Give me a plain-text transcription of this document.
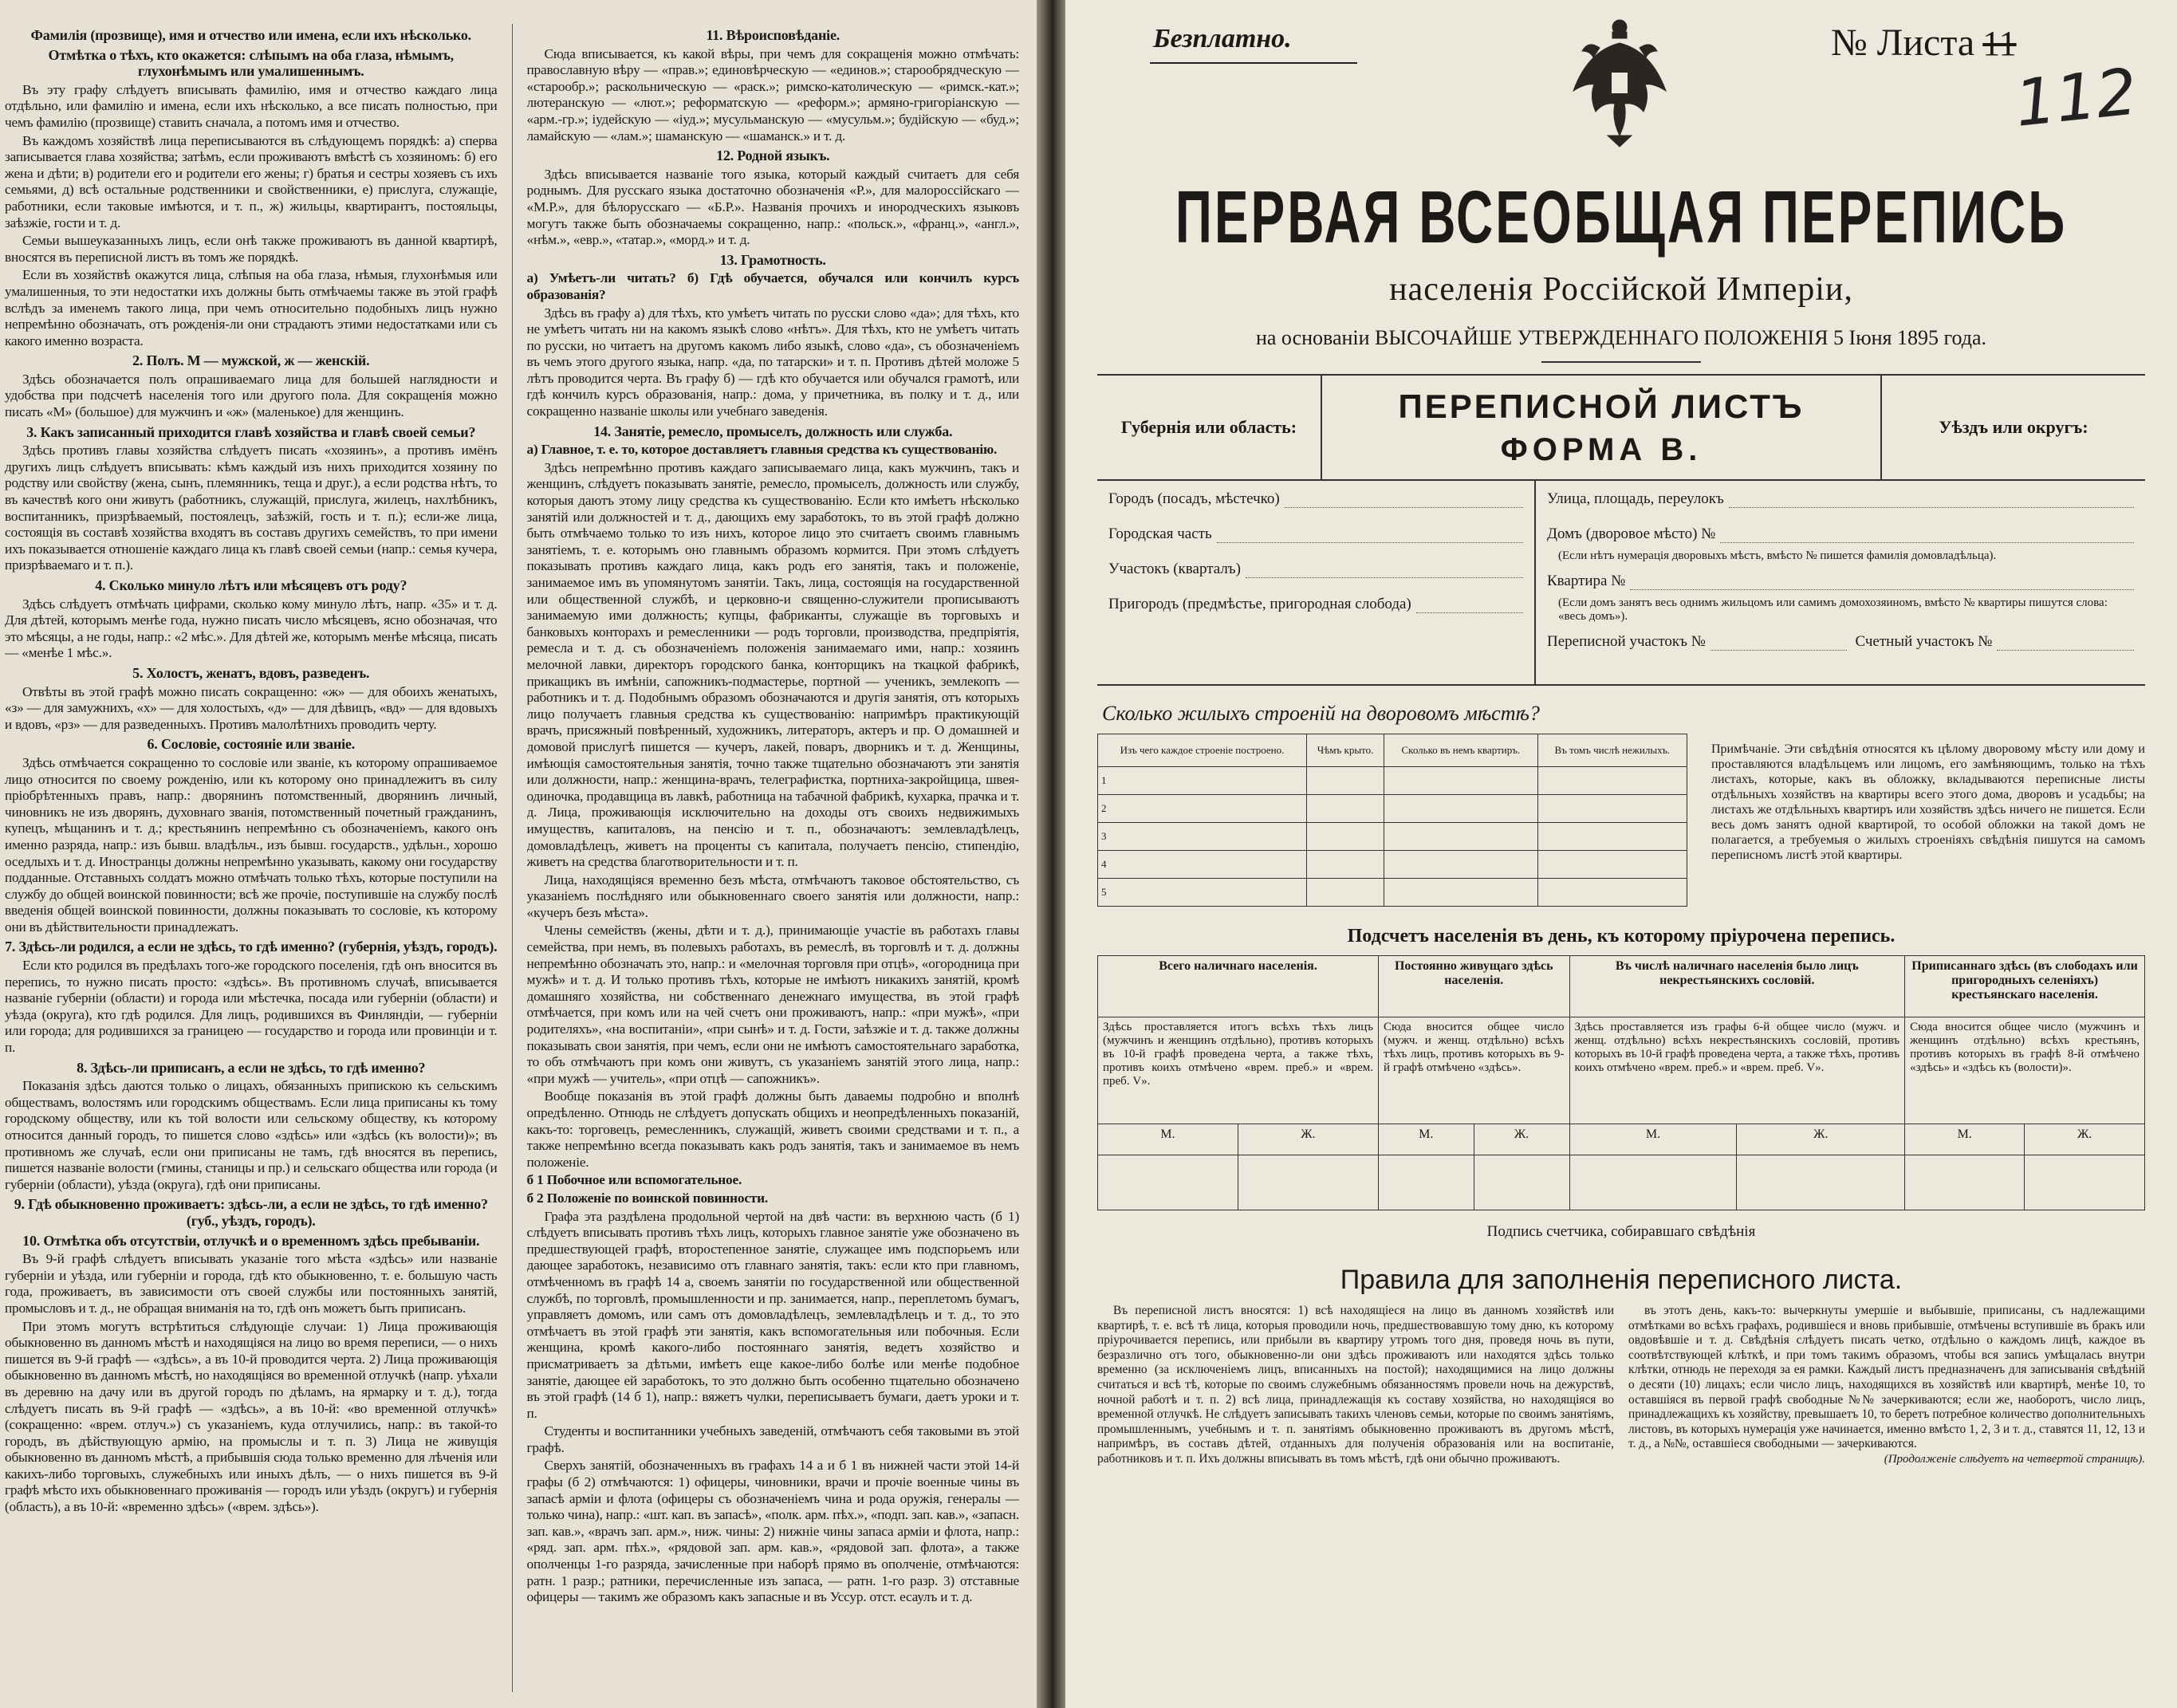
Фамилія (прозвище), имя и отчество или имена, если ихъ нѣсколько.

Отмѣтка о тѣхъ, кто окажется: слѣпымъ на оба глаза, нѣмымъ, глухонѣмымъ или умалишеннымъ.

Въ эту графу слѣдуетъ вписывать фамилію, имя и отчество каждаго лица отдѣльно, или фамилію и имена, если ихъ нѣсколько, а все писать полностью, при чемъ фамилію (прозвище) ставить сначала, а потомъ имя и отчество.

Въ каждомъ хозяйствѣ лица переписываются въ слѣдующемъ порядкѣ: а) сперва записывается глава хозяйства; затѣмъ, если проживаютъ вмѣстѣ съ хозяиномъ: б) его жена и дѣти; в) родители его и родители его жены; г) братья и сестры хозяевъ съ ихъ семьями, д) всѣ остальные родственники и свойственники, е) прислуга, служащіе, работники, если таковые имѣются, и т. п., ж) жильцы, квартирантъ, постояльцы, заѣзжіе, гости и т. д.

Семьи вышеуказанныхъ лицъ, если онѣ также проживаютъ въ данной квартирѣ, вносятся въ переписной листъ въ томъ же порядкѣ.

Если въ хозяйствѣ окажутся лица, слѣпыя на оба глаза, нѣмыя, глухонѣмыя или умалишенныя, то эти недостатки ихъ должны быть отмѣчаемы также въ этой графѣ вслѣдъ за именемъ такого лица, при чемъ относительно подобныхъ лицъ нужно непремѣнно обозначать, отъ рожденія-ли они страдаютъ этими недостатками или съ какого именно возраста.

2. Полъ. М — мужской, ж — женскій.

Здѣсь обозначается полъ опрашиваемаго лица для большей наглядности и удобства при подсчетѣ населенія того или другого пола. Для сокращенія можно писать «М» (большое) для мужчинъ и «ж» (маленькое) для женщинъ.

3. Какъ записанный приходится главѣ хозяйства и главѣ своей семьи?

Здѣсь противъ главы хозяйства слѣдуетъ писать «хозяинъ», а противъ имёнъ другихъ лицъ слѣдуетъ вписывать: кѣмъ каждый изъ нихъ приходится хозяину по родству или свойству (жена, сынъ, племянникъ, теща и друг.), а если родства нѣтъ, то въ качествѣ кого они живутъ (работникъ, служащій, прислуга, жилецъ, нахлѣбникъ, воспитанникъ, призрѣваемый, постоялецъ, заѣзжій, гость и т. п.); если-же лица, состоящія въ составѣ хозяйства входятъ въ составъ другихъ семействъ, то при имени ихъ показывается отношеніе каждаго лица къ главѣ своей семьи (напр.: семья кучера, призрѣваемаго и т. п.).

4. Сколько минуло лѣтъ или мѣсяцевъ отъ роду?

Здѣсь слѣдуетъ отмѣчать цифрами, сколько кому минуло лѣтъ, напр. «35» и т. д. Для дѣтей, которымъ менѣе года, нужно писать число мѣсяцевъ, ясно обозначая, что это мѣсяцы, а не годы, напр.: «2 мѣс.». Для дѣтей же, которымъ менѣе мѣсяца, писать — «менѣе 1 мѣс.».

5. Холостъ, женатъ, вдовъ, разведенъ.

Отвѣты въ этой графѣ можно писать сокращенно: «ж» — для обоихъ женатыхъ, «з» — для замужнихъ, «х» — для холостыхъ, «д» — для дѣвицъ, «вд» — для вдовыхъ и вдовъ, «рз» — для разведенныхъ. Противъ малолѣтнихъ проводить черту.

6. Сословіе, состояніе или званіе.

Здѣсь отмѣчается сокращенно то сословіе или званіе, къ которому опрашиваемое лицо относится по своему рожденію, или къ которому оно принадлежитъ въ силу пріобрѣтенныхъ правъ, напр.: дворянинъ потомственный, дворянинъ личный, чиновникъ не изъ дворянъ, духовнаго званія, потомственный почетный гражданинъ, купецъ, мѣщанинъ и т. д.; крестьянинъ непремѣнно съ обозначеніемъ, какого онъ именно разряда, напр.: изъ бывш. владѣльч., изъ бывш. государств., удѣльн., хорошо оседлыхъ и т. д. Иностранцы должны непремѣнно указывать, какому они государству подданные. Отставныхъ солдатъ можно отмѣчать только тѣхъ, которые поступили на службу до общей воинской повинности; всѣ же прочіе, поступившіе на службу послѣ введенія общей воинской повинности, должны показывать то сословіе, къ которому они въ дѣйствительности принадлежатъ.

7. Здѣсь-ли родился, а если не здѣсь, то гдѣ именно? (губернія, уѣздъ, городъ).

Если кто родился въ предѣлахъ того-же городского поселенія, гдѣ онъ вносится въ перепись, то нужно писать просто: «здѣсь». Въ противномъ случаѣ, вписывается названіе губерніи (области) и города или мѣстечка, посада или губерніи (области) и уѣзда (округа), кто гдѣ родился. Для лицъ, родившихся въ Финляндіи, — губерніи или города; для родившихся за границею — государство и города или провинціи и т. п.

8. Здѣсь-ли приписанъ, а если не здѣсь, то гдѣ именно?

Показанія здѣсь даются только о лицахъ, обязанныхъ припискою къ сельскимъ обществамъ, волостямъ или городскимъ обществамъ. Если лица приписаны къ тому городскому обществу, или къ той волости или сельскому обществу, къ которому относится данный городъ, то пишется слово «здѣсь» или «здѣсь (къ волости)»; въ противномъ же случаѣ, если они приписаны не тамъ, гдѣ вносятся въ перепись, пишется названіе волости (гмины, станицы и пр.) и сельскаго общества или города (и губерніи (области), уѣзда (округа), гдѣ они приписаны.

9. Гдѣ обыкновенно проживаетъ: здѣсь-ли, а если не здѣсь, то гдѣ именно? (губ., уѣздъ, городъ).

10. Отмѣтка объ отсутствіи, отлучкѣ и о временномъ здѣсь пребываніи.

Въ 9-й графѣ слѣдуетъ вписывать указаніе того мѣста «здѣсь» или названіе губерніи и уѣзда, или губерніи и города, гдѣ кто обыкновенно, т. е. большую часть года, проживаетъ, въ зависимости отъ своей службы или постоянныхъ занятій, промысловъ и т. д., не обращая вниманія на то, гдѣ онъ можетъ быть приписанъ.

При этомъ могутъ встрѣтиться слѣдующіе случаи: 1) Лица проживающія обыкновенно въ данномъ мѣстѣ и находящіяся на лицо во время переписи, — о нихъ пишется въ 9-й графѣ — «здѣсь», а въ 10-й проводится черта. 2) Лица проживающія обыкновенно въ данномъ мѣстѣ, но находящіяся во временной отлучкѣ (напр. уѣхали въ деревню на дачу или въ другой городъ по дѣламъ, на ярмарку и т. д.), тогда слѣдуетъ писать въ 9-й графѣ — «здѣсь», а въ 10-й: «во временной отлучкѣ» (сокращенно: «врем. отлуч.») съ указаніемъ, куда отлучились, напр.: въ такой-то городъ, въ дѣйствующую армію, на промыслы и т. п. 3) Лица не живущія обыкновенно въ данномъ мѣстѣ, а прибывшія сюда только временно для лѣченія или какихъ-либо торговыхъ, служебныхъ или иныхъ дѣлъ, — о нихъ пишется въ 9-й графѣ мѣсто ихъ обыкновеннаго проживанія — городъ или уѣздъ (округъ) и губернія (область), а въ 10-й: «временно здѣсь» («врем. здѣсь»).

11. Вѣроисповѣданіе.

Сюда вписывается, къ какой вѣры, при чемъ для сокращенія можно отмѣчать: православную вѣру — «прав.»; единовѣрческую — «единов.»; старообрядческую — «старообр.»; раскольническую — «раск.»; римско-католическую — «римск.-кат.»; лютеранскую — «лют.»; реформатскую — «реформ.»; армяно-григоріанскую — «арм.-гр.»; іудейскую — «іуд.»; мусульманскую — «мусульм.»; будійскую — «буд.»; ламайскую — «лам.»; шаманскую — «шаманск.» и т. д.

12. Родной языкъ.

Здѣсь вписывается названіе того языка, который каждый считаетъ для себя роднымъ. Для русскаго языка достаточно обозначенія «Р.», для малороссійскаго — «М.Р.», для бѣлорусскаго — «Б.Р.». Названія прочихъ и инородческихъ языковъ могутъ также быть обозначаемы сокращенно, напр.: «польск.», «франц.», «англ.», «нѣм.», «евр.», «татар.», «морд.» и т. д.

13. Грамотность.

а) Умѣетъ-ли читать? б) Гдѣ обучается, обучался или кончилъ курсъ образованія?

Здѣсь въ графу а) для тѣхъ, кто умѣетъ читать по русски слово «да»; для тѣхъ, кто не умѣетъ читать ни на какомъ языкѣ слово «нѣтъ». Для тѣхъ, кто не умѣетъ читать по русски, но читаетъ на другомъ какомъ либо языкѣ, слово «да», съ обозначеніемъ въ чемъ этого другого языка, напр. «да, по татарски» и т. п. Противъ дѣтей моложе 5 лѣтъ проводится черта. Въ графу б) — гдѣ кто обучается или обучался грамотѣ, или гдѣ кончилъ курсъ образованія, напр.: дома, у причетника, въ полку и т. д., или сокращенно названіе школы или учебнаго заведенія.

14. Занятіе, ремесло, промыселъ, должность или служба.

а) Главное, т. е. то, которое доставляетъ главныя средства къ существованію.

Здѣсь непремѣнно противъ каждаго записываемаго лица, какъ мужчинъ, такъ и женщинъ, слѣдуетъ показывать занятіе, ремесло, промыселъ, должность или службу, которыя даютъ этому лицу средства къ существованію. Если кто имѣетъ нѣсколько занятій или должностей и т. д., дающихъ ему заработокъ, то въ этой графѣ должно быть отмѣчаемо только то изъ нихъ, которое лицо это считаетъ своимъ главнымъ занятіемъ, т. е. которымъ оно главнымъ образомъ кормится. При этомъ слѣдуетъ показывать противъ каждаго лица, какъ родъ его занятія, такъ и положеніе, занимаемое имъ въ упомянутомъ занятіи. Такъ, лица, состоящія на государственной или общественной службѣ, и церковно-и священно-служители прописываютъ занимаемую ими должность; купцы, фабриканты, служащіе въ торговыхъ и банковыхъ конторахъ и ремесленники — родъ торговли, производства, предпріятія, ремесла и т. д. съ обозначеніемъ положенія занимаемаго ими, напр.: хозяинъ мелочной лавки, директоръ городского банка, конторщикъ на ткацкой фабрикѣ, прикащикъ въ имѣніи, сапожникъ-подмастерье, портной — ученикъ, землекопъ — работникъ и т. д. Подобнымъ образомъ обозначаются и другія занятія, отъ которыхъ лицо получаетъ главныя средства къ существованію: напримѣръ практикующій врачъ, присяжный повѣренный, художникъ, литераторъ, актеръ и пр. О домашней и домовой прислугѣ пишется — кучеръ, лакей, поваръ, дворникъ и т. д. Женщины, имѣющія самостоятельныя занятія, точно также тщательно обозначаютъ эти занятія или должности, напр.: женщина-врачъ, телеграфистка, портниха-закройщица, швея-одиночка, продавщица въ лавкѣ, работница на табачной фабрикѣ, кухарка, прачка и т. д. Лица, проживающія исключительно на доходы отъ своихъ недвижимыхъ имуществъ, капиталовъ, на пенсію и т. п., обозначаютъ: землевладѣлецъ, домовладѣлецъ, живетъ на проценты съ капитала, получаетъ пенсію, стипендію, живетъ на средства благотворительности и т. п.

Лица, находящіяся временно безъ мѣста, отмѣчаютъ таковое обстоятельство, съ указаніемъ послѣдняго или обыкновеннаго своего занятія или должности, напр.: «кучеръ безъ мѣста».

Члены семействъ (жены, дѣти и т. д.), принимающіе участіе въ работахъ главы семейства, при немъ, въ полевыхъ работахъ, въ ремеслѣ, въ торговлѣ и т. д. должны непремѣнно обозначать это, напр.: и «мелочная торговля при отцѣ», «огородница при мужѣ» и т. д. И только противъ тѣхъ, которые не имѣютъ никакихъ занятій, кромѣ домашняго хозяйства, ни собственнаго денежнаго имущества, въ этой графѣ отмѣчается, при комъ или на чей счетъ они проживаютъ, напр.: «при мужѣ», «при родителяхъ», «на воспитаніи», «при сынѣ» и т. д. Гости, заѣзжіе и т. д. также должны показывать свои занятія, при чемъ, если они не имѣютъ самостоятельнаго заработка, то объ отмѣчаютъ при комъ они живутъ, съ указаніемъ занятій этого лица, напр.: «при мужѣ — учитель», «при отцѣ — сапожникъ».

Вообще показанія въ этой графѣ должны быть даваемы подробно и вполнѣ опредѣленно. Отнюдь не слѣдуетъ допускать общихъ и неопредѣленныхъ показаній, какъ-то: торговецъ, ремесленникъ, служащій, живетъ своими средствами и т. п., а также непремѣнно всегда показывать какъ родъ занятія, такъ и занимаемое въ немъ положеніе.

б 1 Побочное или вспомогательное.

б 2 Положеніе по воинской повинности.

Графа эта раздѣлена продольной чертой на двѣ части: въ верхнюю часть (б 1) слѣдуетъ вписывать противъ тѣхъ лицъ, которыхъ главное занятіе уже обозначено въ предшествующей графѣ, второстепенное занятіе, служащее имъ подспорьемъ или дающее заработокъ, независимо отъ главнаго занятія, такъ: если кто при главномъ, отмѣченномъ въ графѣ 14 а, своемъ занятіи по государственной или общественной службѣ, по торговлѣ, промышленности и пр. занимается, напр., переплетомъ бумагъ, управляетъ домомъ, или самъ отъ домовладѣлецъ, землевладѣлецъ и т. д., то это отмѣчаетъ въ этой графѣ эти занятія, какъ вспомогательныя или побочныя. Если женщина, кромѣ какого-либо постояннаго занятія, ведетъ хозяйство и присматриваетъ за дѣтьми, имѣетъ еще какое-либо болѣе или менѣе подобное занятіе, дающее ей заработокъ, то это должно быть особенно тщательно обозначено въ этой графѣ (14 б 1), напр.: вяжетъ чулки, переписываетъ бумаги, даетъ уроки и т. п.

Студенты и воспитанники учебныхъ заведеній, отмѣчаютъ себя таковыми въ этой графѣ.

Сверхъ занятій, обозначенныхъ въ графахъ 14 а и б 1 въ нижней части этой 14-й графы (б 2) отмѣчаются: 1) офицеры, чиновники, врачи и прочіе военные чины въ запасѣ арміи и флота (офицеры съ обозначеніемъ чина и рода оружія, генералы — только чина), напр.: «шт. кап. въ запасѣ», «полк. арм. пѣх.», «подп. зап. кав.», «запасн. зап. кав.», «врачъ зап. арм.», ниж. чины: 2) нижніе чины запаса арміи и флота, напр.: «ряд. зап. арм. пѣх.», «рядовой зап. арм. кав.», «рядовой зап. флота», а также ополченцы 1-го разряда, зачисленные при наборѣ прямо въ ополченіе, отмѣчаются: ратн. 1 разр.; ратники, перечисленные изъ запаса, — ратн. 1-го разр. 3) отставные офицеры — такимъ же образомъ какъ запасные и въ Уссур. отст. есаулъ и т. д.

Безплатно.	№ Листа 11
112
ПЕРВАЯ ВСЕОБЩАЯ ПЕРЕПИСЬ
населенія Россійской Имперіи,
на основаніи ВЫСОЧАЙШЕ УТВЕРЖДЕННАГО ПОЛОЖЕНІЯ 5 Іюня 1895 года.
Губернія или область:
ПЕРЕПИСНОЙ ЛИСТЪ
ФОРМА В.
Уѣздъ или округъ:
Городъ (посадъ, мѣстечко)
Городская часть
Участокъ (кварталъ)
Пригородъ (предмѣстье, пригородная слобода)
Улица, площадь, переулокъ
Домъ (дворовое мѣсто) №
(Если нѣтъ нумерація дворовыхъ мѣстъ, вмѣсто № пишется фамилія домовладѣльца).
Квартира №
(Если домъ занятъ весь однимъ жильцомъ или самимъ домохозяиномъ, вмѣсто № квартиры пишутся слова: «весь домъ»).
Переписной участокъ №	Счетный участокъ №
Сколько жилыхъ строеній на дворовомъ мѣстѣ?
Изъ чего каждое строеніе построено.	Чѣмъ крыто.	Сколько въ немъ квартиръ.	Въ томъ числѣ нежилыхъ.
1			
2			
3			
4			
5			
Примѣчаніе. Эти свѣдѣнія относятся къ цѣлому дворовому мѣсту или дому и проставляются владѣльцемъ или лицомъ, его замѣняющимъ, только на тѣхъ листахъ, которые, какъ въ обложку, вкладываются переписные листы отдѣльныхъ хозяйствъ на квартиры всего этого дома, дворовъ и усадьбы; на листахъ же отдѣльныхъ квартиръ или хозяйствъ здѣсь ничего не пишется. Если весь домъ занятъ одной квартирой, то особой обложки на такой домъ не полагается, а требуемыя о жилыхъ строеніяхъ свѣдѣнія пишутся на самомъ переписномъ листѣ этой квартиры.
Подсчетъ населенія въ день, къ которому пріурочена перепись.
Всего наличнаго населенія.		Постоянно живущаго здѣсь населенія.		Въ числѣ наличнаго населенія было лицъ некрестьянскихъ сословій.		Приписаннаго здѣсь (въ слободахъ или пригородныхъ селеніяхъ) крестьянскаго населенія.	
Здѣсь проставляется итогъ всѣхъ тѣхъ лицъ (мужчинъ и женщинъ отдѣльно), противъ которыхъ въ 10-й графѣ проведена черта, а также тѣхъ, противъ коихъ отмѣчено «врем. преб.» и «врем. преб. V».		Сюда вносится общее число (мужч. и женщ. отдѣльно) всѣхъ тѣхъ лицъ, противъ которыхъ въ 9-й графѣ отмѣчено «здѣсь».		Здѣсь проставляется изъ графы 6-й общее число (мужч. и женщ. отдѣльно) всѣхъ некрестьянскихъ сословій, противъ которыхъ въ 10-й графѣ проведена черта, а также тѣхъ, противъ коихъ отмѣчено «врем. преб.» и «врем. преб. V».		Сюда вносится общее число (мужчинъ и женщинъ отдѣльно) всѣхъ крестьянъ, противъ которыхъ въ графѣ 8-й отмѣчено «здѣсь» и «здѣсь къ (волости)».	
М.	Ж.	М.	Ж.	М.	Ж.	М.	Ж.

Подпись счетчика, собиравшаго свѣдѣнія
Правила для заполненія переписного листа.

Въ переписной листъ вносятся: 1) всѣ находящіеся на лицо въ данномъ хозяйствѣ или квартирѣ, т. е. всѣ тѣ лица, которыя проводили ночь, предшествовавшую тому дню, къ которому пріурочивается перепись, или прибыли въ квартиру утромъ того дня, проведя ночь въ пути, безразлично отъ того, обыкновенно-ли они здѣсь проживаютъ или находятся здѣсь только временно (за исключеніемъ лицъ, вписанныхъ на постой); находящимися на лицо должны считаться и всѣ тѣ, которые по своимъ служебнымъ обязанностямъ провели ночь на дежурствѣ, ночной работѣ и т. п. 2) всѣ лица, принадлежащія къ составу хозяйства, но находящіяся во временной отлучкѣ. Не слѣдуетъ записывать такихъ членовъ семьи, которые по своимъ занятіямъ, промышленнымъ, учебнымъ и т. п. занятіямъ обыкновенно проживаютъ въ другомъ мѣстѣ, напримѣръ, въ составъ дѣтей, отданныхъ для полученія образованія или на воспитаніе, работниковъ и т. п. Ихъ должны вписывать въ томъ мѣстѣ, гдѣ они обычно проживаютъ.

въ этотъ день, какъ-то: вычеркнуты умершіе и выбывшіе, приписаны, съ надлежащими отмѣтками во всѣхъ графахъ, родившіеся и вновь прибывшіе, отмѣчены вступившіе въ бракъ или овдовѣвшіе и т. д. Свѣдѣнія слѣдуетъ писать четко, отдѣльно о каждомъ лицѣ, каждое въ соотвѣтствующей клѣткѣ, и при томъ такимъ образомъ, чтобы вся запись умѣщалась внутри клѣтки, отнюдь не переходя за ея рамки. Каждый листъ предназначенъ для записыванія свѣдѣній о десяти (10) лицахъ; если число лицъ, находящихся въ хозяйствѣ или квартирѣ, менѣе 10, то оставшіяся въ первой графѣ свободные №№ зачеркиваются; если же, наоборотъ, число лицъ, принадлежащихъ къ хозяйству, превышаетъ 10, то беретъ потребное количество дополнительныхъ листовъ, въ которыхъ нумерація уже начинается, именно вмѣсто 1, 2, 3 и т. д., ставятся 11, 12, 13 и т. д., а №№, оставшіеся свободными — зачеркиваются.

(Продолженіе слѣдуетъ на четвертой страницѣ).
